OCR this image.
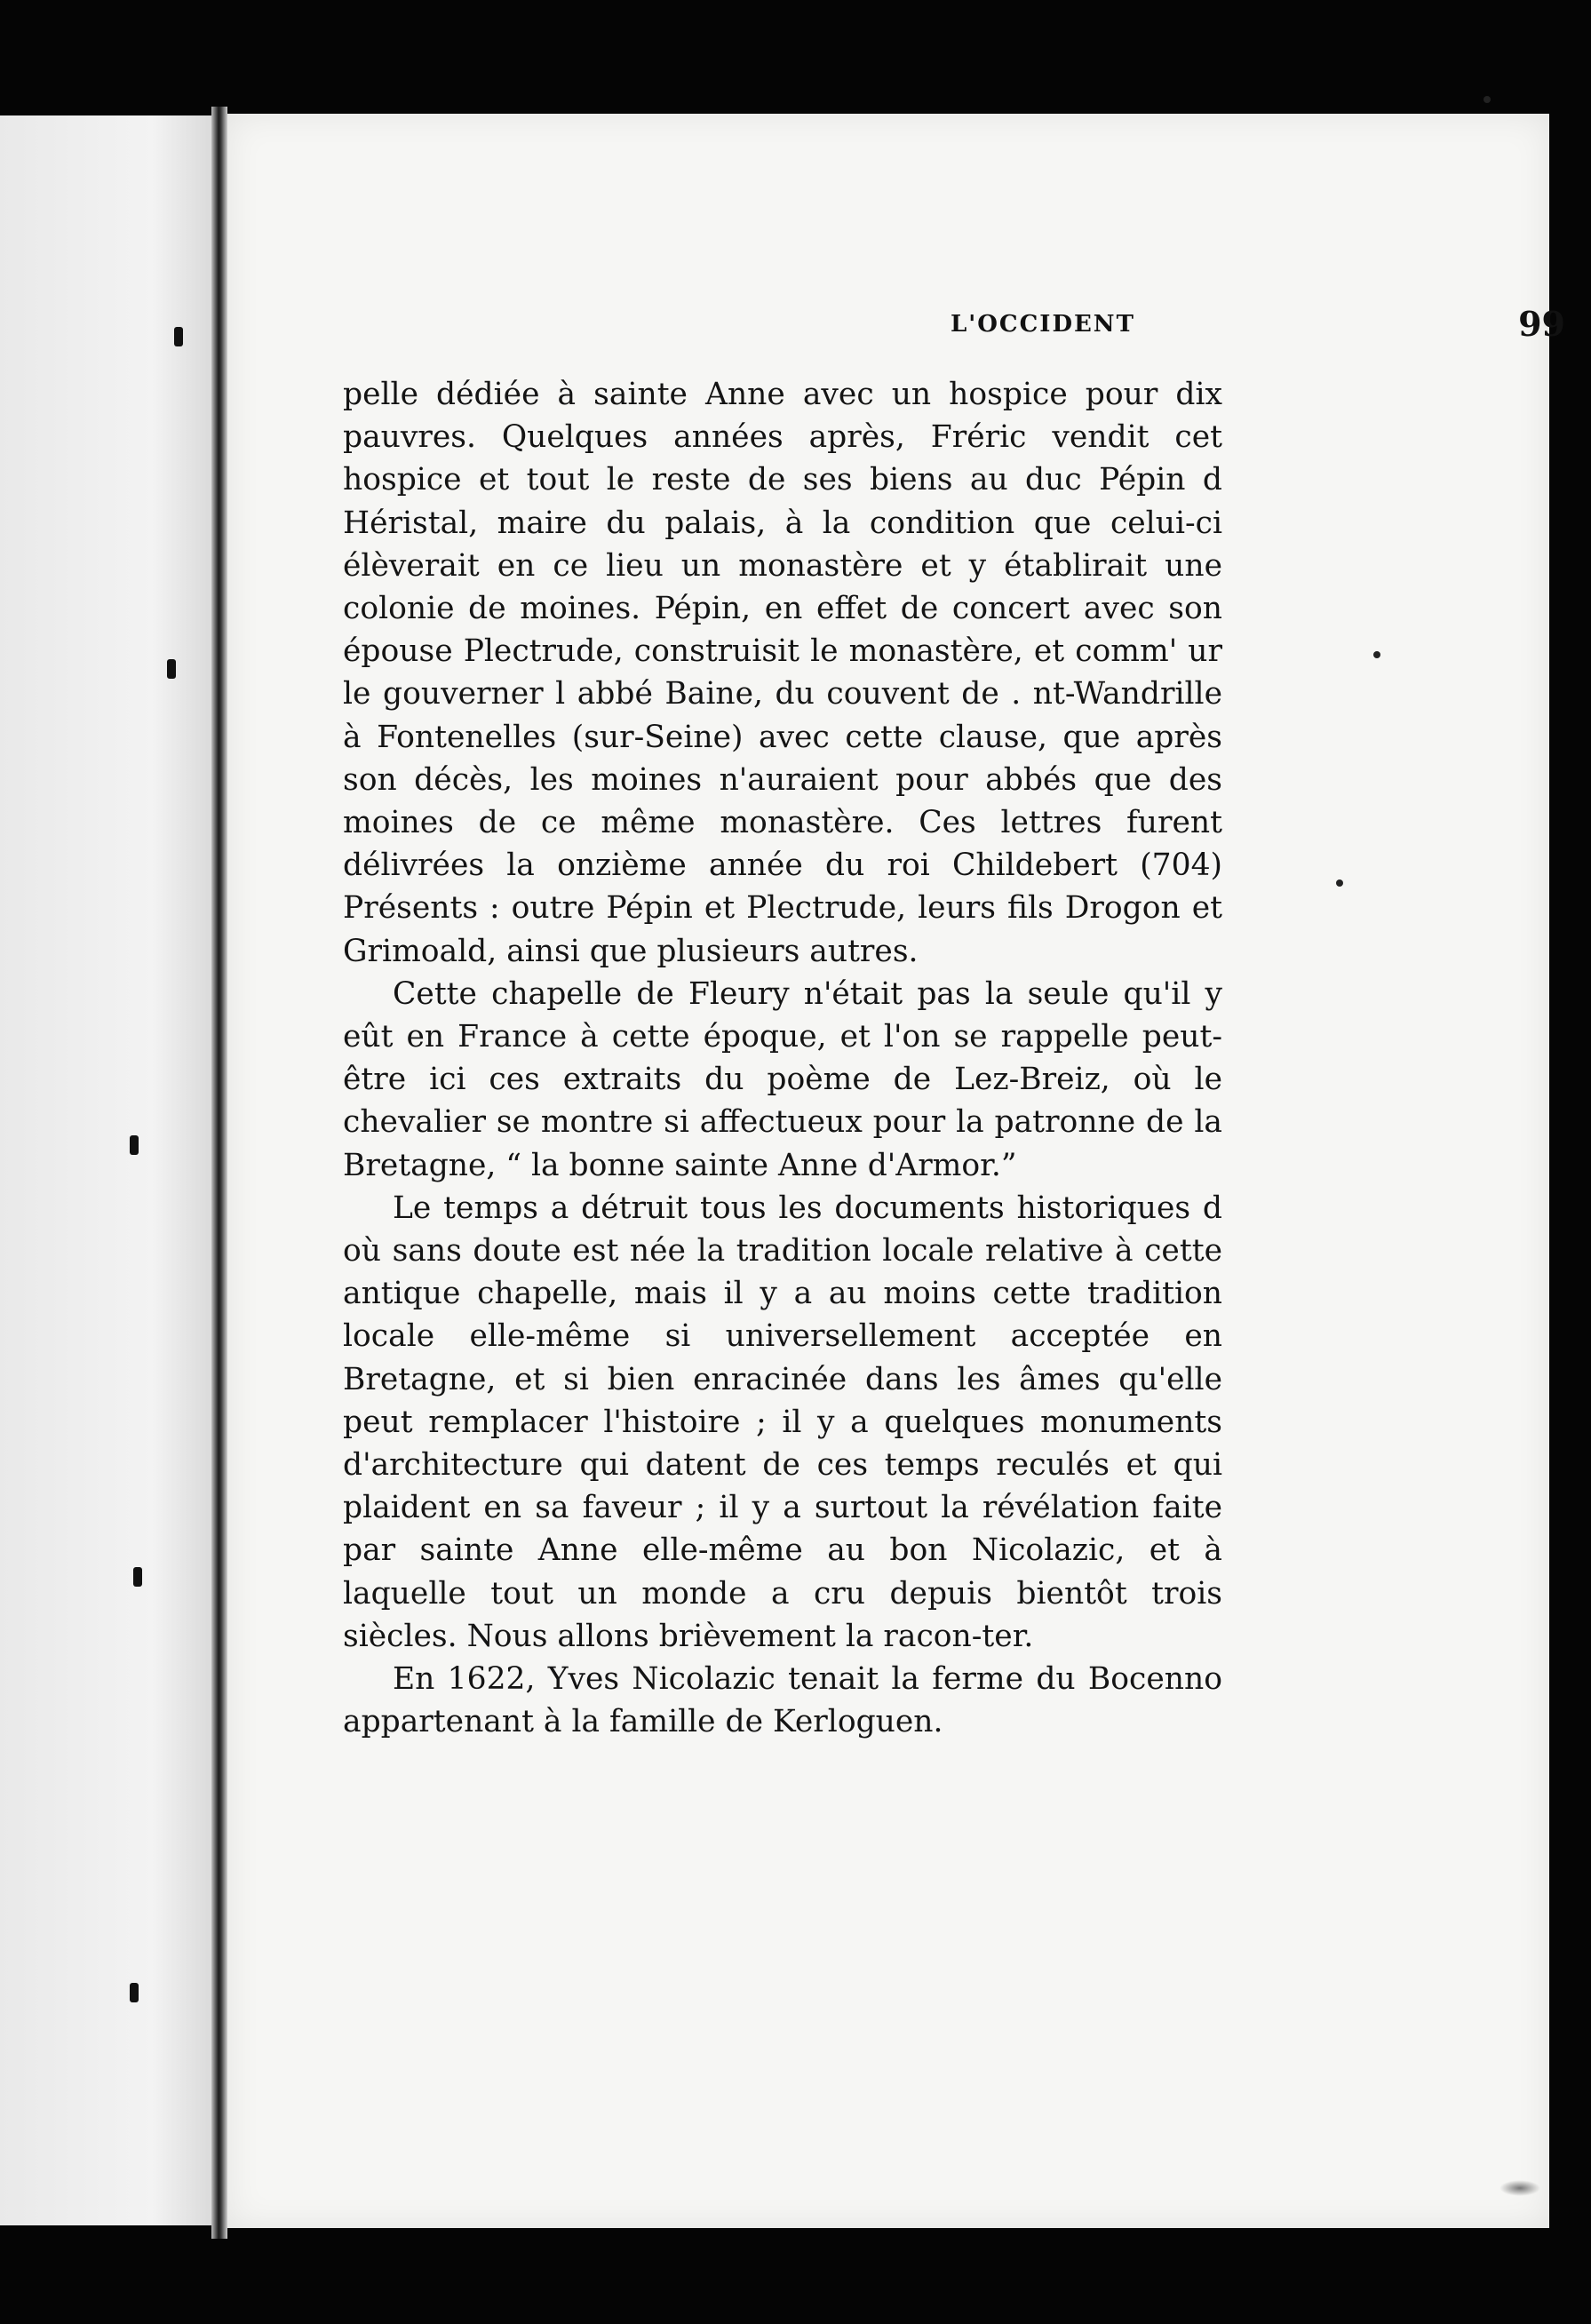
L'OCCIDENT	99

pelle dédiée à sainte Anne avec un hospice pour dix pauvres. Quelques années après, Fréric vendit cet hospice et tout le reste de ses biens au duc Pépin d Héristal, maire du palais, à la condition que celui-ci élèverait en ce lieu un monastère et y établirait une colonie de moines. Pépin, en effet de concert avec son épouse Plectrude, construisit le monastère, et comm' ur le gouverner l abbé Baine, du couvent de . nt-Wandrille à Fontenelles (sur-Seine) avec cette clause, que après son décès, les moines n'auraient pour abbés que des moines de ce même monastère. Ces lettres furent délivrées la onzième année du roi Childebert (704) Présents : outre Pépin et Plectrude, leurs fils Drogon et Grimoald, ainsi que plusieurs autres.

Cette chapelle de Fleury n'était pas la seule qu'il y eût en France à cette époque, et l'on se rappelle peut-être ici ces extraits du poème de Lez-Breiz, où le chevalier se montre si affectueux pour la patronne de la Bretagne, “ la bonne sainte Anne d'Armor.”

Le temps a détruit tous les documents historiques d où sans doute est née la tradition locale relative à cette antique chapelle, mais il y a au moins cette tradition locale elle-même si universellement acceptée en Bretagne, et si bien enracinée dans les âmes qu'elle peut remplacer l'histoire ; il y a quelques monuments d'architecture qui datent de ces temps reculés et qui plaident en sa faveur ; il y a surtout la révélation faite par sainte Anne elle-même au bon Nicolazic, et à laquelle tout un monde a cru depuis bientôt trois siècles. Nous allons brièvement la racon-ter.

En 1622, Yves Nicolazic tenait la ferme du Bocenno appartenant à la famille de Kerloguen.
